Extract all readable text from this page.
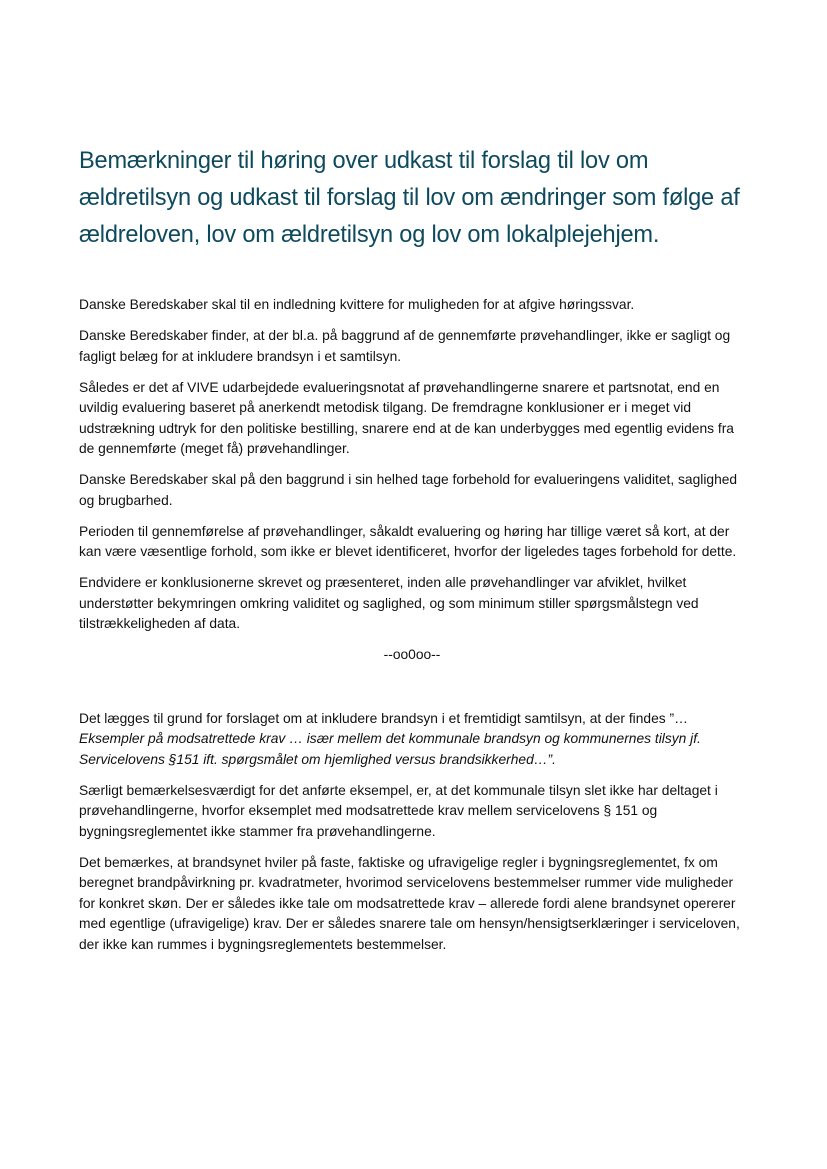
Bemærkninger til høring over udkast til forslag til lov om ældretilsyn og udkast til forslag til lov om ændringer som følge af ældreloven, lov om ældretilsyn og lov om lokalplejehjem.

Danske Beredskaber skal til en indledning kvittere for muligheden for at afgive høringssvar.

Danske Beredskaber finder, at der bl.a. på baggrund af de gennemførte prøvehandlinger, ikke er sagligt og fagligt belæg for at inkludere brandsyn i et samtilsyn.

Således er det af VIVE udarbejdede evalueringsnotat af prøvehandlingerne snarere et partsnotat, end en uvildig evaluering baseret på anerkendt metodisk tilgang. De fremdragne konklusioner er i meget vid udstrækning udtryk for den politiske bestilling, snarere end at de kan underbygges med egentlig evidens fra de gennemførte (meget få) prøvehandlinger.

Danske Beredskaber skal på den baggrund i sin helhed tage forbehold for evalueringens validitet, saglighed og brugbarhed.

Perioden til gennemførelse af prøvehandlinger, såkaldt evaluering og høring har tillige været så kort, at der kan være væsentlige forhold, som ikke er blevet identificeret, hvorfor der ligeledes tages forbehold for dette.

Endvidere er konklusionerne skrevet og præsenteret, inden alle prøvehandlinger var afviklet, hvilket understøtter bekymringen omkring validitet og saglighed, og som minimum stiller spørgsmålstegn ved tilstrækkeligheden af data.

--oo0oo--

Det lægges til grund for forslaget om at inkludere brandsyn i et fremtidigt samtilsyn, at der findes ”… Eksempler på modsatrettede krav … især mellem det kommunale brandsyn og kommunernes tilsyn jf. Servicelovens §151 ift. spørgsmålet om hjemlighed versus brandsikkerhed…”.

Særligt bemærkelsesværdigt for det anførte eksempel, er, at det kommunale tilsyn slet ikke har deltaget i prøvehandlingerne, hvorfor eksemplet med modsatrettede krav mellem servicelovens § 151 og bygningsreglementet ikke stammer fra prøvehandlingerne.

Det bemærkes, at brandsynet hviler på faste, faktiske og ufravigelige regler i bygningsreglementet, fx om beregnet brandpåvirkning pr. kvadratmeter, hvorimod servicelovens bestemmelser rummer vide muligheder for konkret skøn. Der er således ikke tale om modsatrettede krav – allerede fordi alene brandsynet opererer med egentlige (ufravigelige) krav. Der er således snarere tale om hensyn/hensigtserklæringer i serviceloven, der ikke kan rummes i bygningsreglementets bestemmelser.
